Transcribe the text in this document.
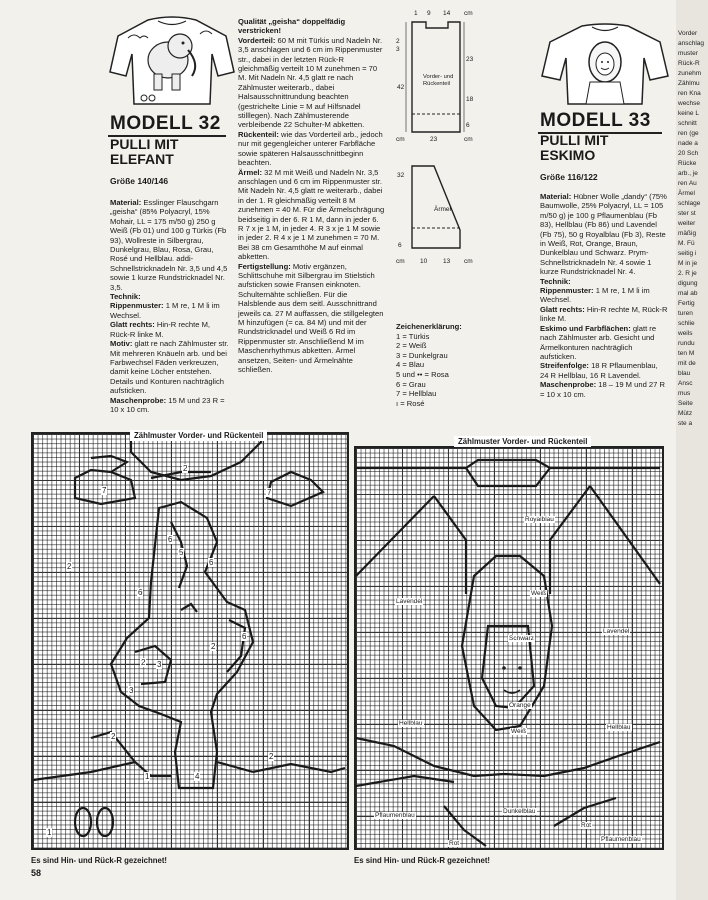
MODELL 32
PULLI MIT
ELEFANT
Größe 140/146
Material: Esslinger Flauschgarn „geisha“ (85% Polyacryl, 15% Mohair, LL = 175 m/50 g) 250 g Weiß (Fb 01) und 100 g Türkis (Fb 93), Wollreste in Silbergrau, Dunkelgrau, Blau, Rosa, Grau, Rosé und Hellblau. addi-Schnellstricknadeln Nr. 3,5 und 4,5 sowie 1 kurze Rundstricknadel Nr. 3,5.
Technik:
Rippenmuster: 1 M re, 1 M li im Wechsel.
Glatt rechts: Hin-R rechte M, Rück-R linke M.
Motiv: glatt re nach Zählmuster str. Mit mehreren Knäueln arb. und bei Farbwechsel Fäden verkreuzen, damit keine Löcher entstehen. Details und Konturen nachträglich aufsticken.
Maschenprobe: 15 M und 23 R = 10 x 10 cm.
Qualität „geisha“ doppelfädig verstricken!
Vorderteil: 60 M mit Türkis und Nadeln Nr. 3,5 anschlagen und 6 cm im Rippenmuster str., dabei in der letzten Rück-R gleichmäßig verteilt 10 M zunehmen = 70 M. Mit Nadeln Nr. 4,5 glatt re nach Zählmuster weiterarb., dabei Halsausschnittrundung beachten (gestrichelte Linie = M auf Hilfsnadel stilllegen). Nach Zählmusterende verbleibende 22 Schulter-M abketten.
Rückenteil: wie das Vorderteil arb., jedoch nur mit gegengleicher unterer Farbfläche sowie späteren Halsausschnittbeginn beachten.
Ärmel: 32 M mit Weiß und Nadeln Nr. 3,5 anschlagen und 6 cm im Rippenmuster str. Mit Nadeln Nr. 4,5 glatt re weiterarb., dabei in der 1. R gleichmäßig verteilt 8 M zunehmen = 40 M. Für die Ärmelschrägung beidseitig in der 6. R 1 M, dann in jeder 6. R 7 x je 1 M, in jeder 4. R 3 x je 1 M sowie in jeder 2. R 4 x je 1 M zunehmen = 70 M. Bei 38 cm Gesamthöhe M auf einmal abketten.
Fertigstellung: Motiv ergänzen, Schlittschuhe mit Silbergrau im Stielstich aufsticken sowie Fransen einknoten. Schulternähte schließen. Für die Halsblende aus dem seitl. Ausschnittrand jeweils ca. 27 M auffassen, die stillgelegten M hinzufügen (= ca. 84 M) und mit der Rundstricknadel und Weiß 6 Rd im Rippenmuster str. Anschließend M im Maschenrhythmus abketten. Ärmel ansetzen, Seiten- und Ärmelnähte schließen.
1 9 14 cm
2
3
42
23
18
6
Vorder- und Rückenteil
cm	23	cm
Ärmel
32
6
cm 10 13 cm
Zeichenerklärung:
1 = Türkis
2 = Weiß
3 = Dunkelgrau
4 = Blau
5 und •• = Rosa
6 = Grau
7 = Hellblau
ı = Rosé
MODELL 33
PULLI MIT
ESKIMO
Größe 116/122
Material: Hübner Wolle „dandy“ (75% Baumwolle, 25% Polyacryl, LL = 105 m/50 g) je 100 g Pflaumenblau (Fb 83), Hellblau (Fb 86) und Lavendel (Fb 75), 50 g Royalblau (Fb 3), Reste in Weiß, Rot, Orange, Braun, Dunkelblau und Schwarz. Prym-Schnellstricknadeln Nr. 4 sowie 1 kurze Rundstricknadel Nr. 4.
Technik:
Rippenmuster: 1 M re, 1 M li im Wechsel.
Glatt rechts: Hin-R rechte M, Rück-R linke M.
Eskimo und Farbflächen: glatt re nach Zählmuster arb. Gesicht und Ärmelkonturen nachträglich aufsticken.
Streifenfolge: 18 R Pflaumenblau, 24 R Hellblau, 16 R Lavendel.
Maschenprobe: 18 – 19 M und 27 R = 10 x 10 cm.
Zählmuster Vorder- und Rückenteil
2
7	7
2
6
5
6
6
6
2 3
3
2
2
2
1	4
1
Es sind Hin- und Rück-R gezeichnet!
58
Zählmuster Vorder- und Rückenteil
Royalblau
Weiß
Lavendel
Schwarz
Lavendel
Orange
Hellblau
Weiß
Hellblau
Dunkelblau
Pflaumenblau
Rot
Pflaumenblau
Rot
Es sind Hin- und Rück-R gezeichnet!
Vorder
anschlag
muster
Rück-R
zunehm
Zählmu
ren Kna
wechse
keine L
schnitt
ren (ge
nade a
20 Sch
Rücke
arb., je
ren Au
Ärmel
schlage
ster st
weiter
mäßig
M. Fü
seitig i
M in je
2. R je
digung
mal ab
Fertig
turen
schlie
weils
rundu
ten M
mit de
blau
Ansc
mus
Seite
Mütz
ste a
